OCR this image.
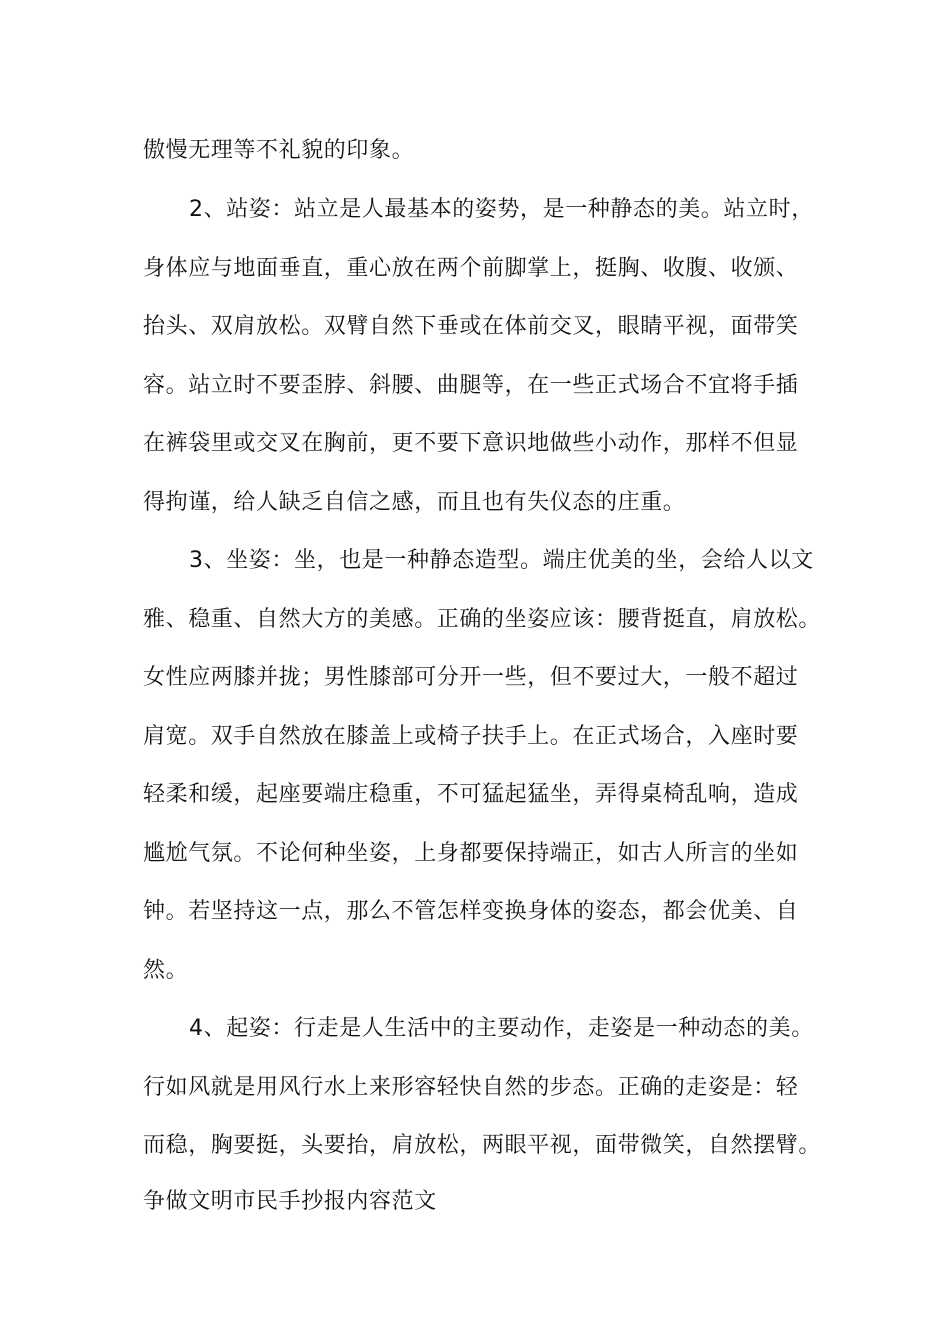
傲慢无理等不礼貌的印象。
2、站姿：站立是人最基本的姿势，是一种静态的美。站立时，
身体应与地面垂直，重心放在两个前脚掌上，挺胸、收腹、收颁、
抬头、双肩放松。双臂自然下垂或在体前交叉，眼睛平视，面带笑
容。站立时不要歪脖、斜腰、曲腿等，在一些正式场合不宜将手插
在裤袋里或交叉在胸前，更不要下意识地做些小动作，那样不但显
得拘谨，给人缺乏自信之感，而且也有失仪态的庄重。
3、坐姿：坐，也是一种静态造型。端庄优美的坐，会给人以文
雅、稳重、自然大方的美感。正确的坐姿应该：腰背挺直，肩放松。
女性应两膝并拢；男性膝部可分开一些，但不要过大，一般不超过
肩宽。双手自然放在膝盖上或椅子扶手上。在正式场合，入座时要
轻柔和缓，起座要端庄稳重，不可猛起猛坐，弄得桌椅乱响，造成
尴尬气氛。不论何种坐姿，上身都要保持端正，如古人所言的坐如
钟。若坚持这一点，那么不管怎样变换身体的姿态，都会优美、自
然。
4、起姿：行走是人生活中的主要动作，走姿是一种动态的美。
行如风就是用风行水上来形容轻快自然的步态。正确的走姿是：轻
而稳，胸要挺，头要抬，肩放松，两眼平视，面带微笑，自然摆臂。
争做文明市民手抄报内容范文
